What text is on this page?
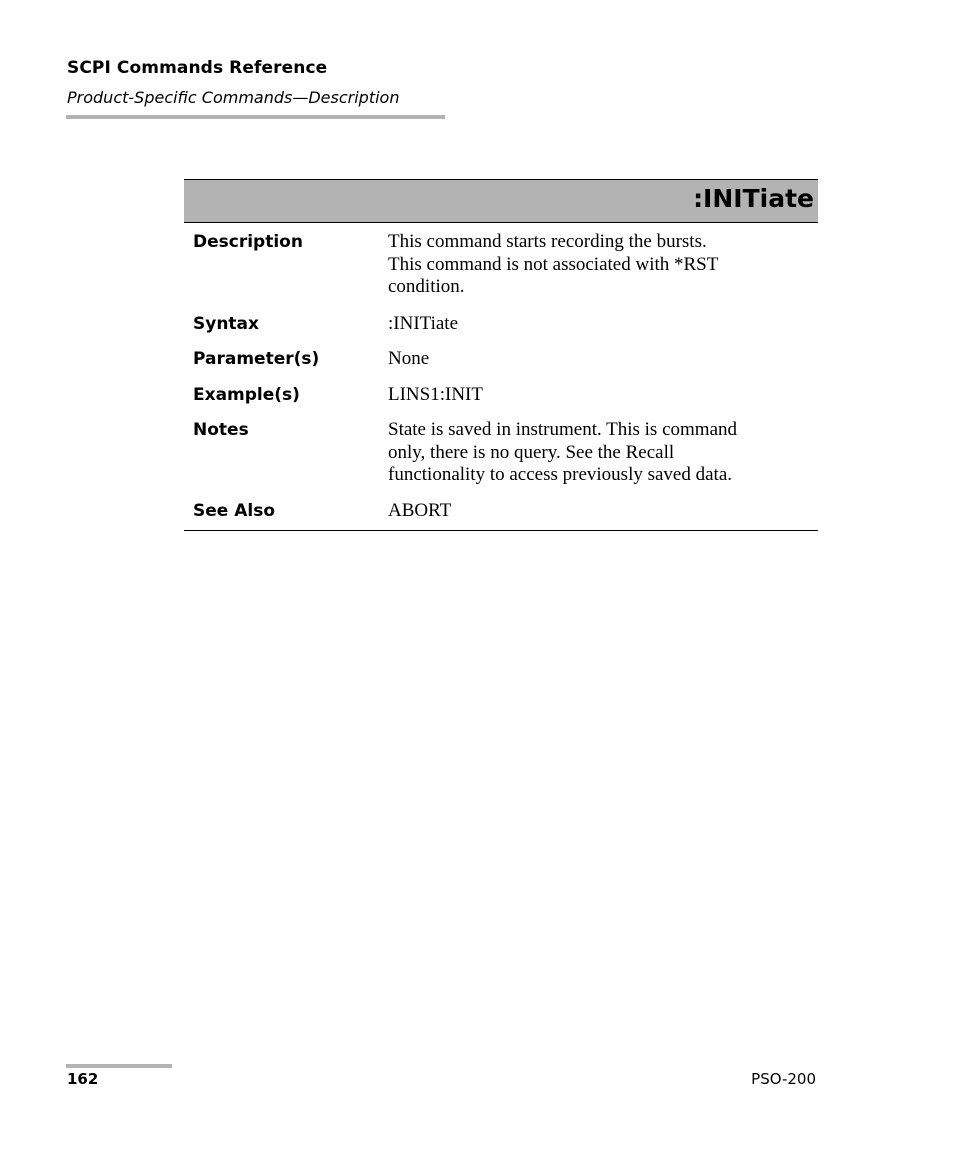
SCPI Commands Reference
Product-Specific Commands—Description
:INITiate
Description	This command starts recording the bursts.
This command is not associated with *RST
condition.
Syntax	:INITiate
Parameter(s)	None
Example(s)	LINS1:INIT
Notes	State is saved in instrument. This is command
only, there is no query. See the Recall
functionality to access previously saved data.
See Also	ABORT
162	PSO-200
